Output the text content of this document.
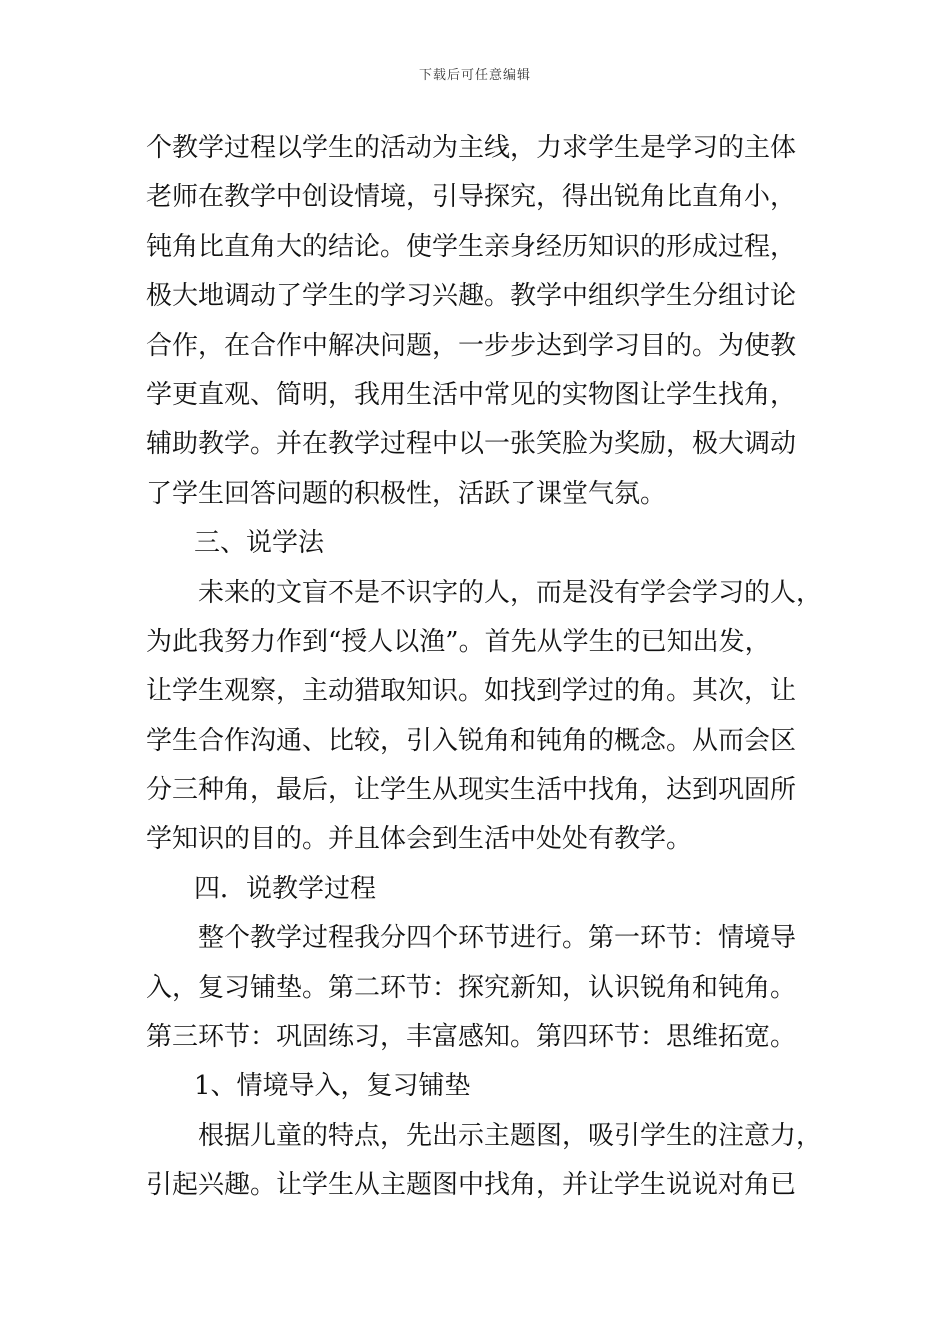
下载后可任意编辑
个教学过程以学生的活动为主线，力求学生是学习的主体
老师在教学中创设情境，引导探究，得出锐角比直角小，
钝角比直角大的结论。使学生亲身经历知识的形成过程，
极大地调动了学生的学习兴趣。教学中组织学生分组讨论
合作，在合作中解决问题，一步步达到学习目的。为使教
学更直观、简明，我用生活中常见的实物图让学生找角，
辅助教学。并在教学过程中以一张笑脸为奖励，极大调动
了学生回答问题的积极性，活跃了课堂气氛。
三、说学法
未来的文盲不是不识字的人，而是没有学会学习的人，
为此我努力作到“授人以渔”。首先从学生的已知出发，
让学生观察，主动猎取知识。如找到学过的角。其次，让
学生合作沟通、比较，引入锐角和钝角的概念。从而会区
分三种角，最后，让学生从现实生活中找角，达到巩固所
学知识的目的。并且体会到生活中处处有教学。
四．说教学过程
整个教学过程我分四个环节进行。第一环节：情境导
入，复习铺垫。第二环节：探究新知，认识锐角和钝角。
第三环节：巩固练习，丰富感知。第四环节：思维拓宽。
1、情境导入，复习铺垫
根据儿童的特点，先出示主题图，吸引学生的注意力，
引起兴趣。让学生从主题图中找角，并让学生说说对角已
